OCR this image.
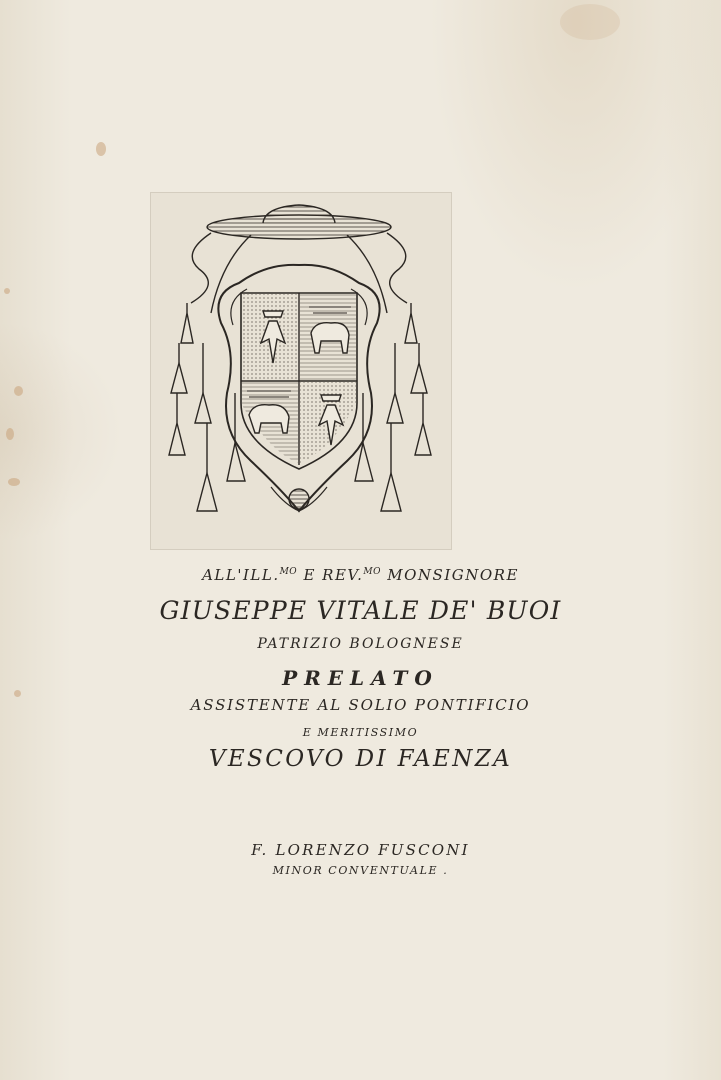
ALL'ILL.$^{MO}$ E REV.$^{MO}$ MONSIGNORE
GIUSEPPE VITALE DE' BUOI
PATRIZIO BOLOGNESE
PRELATO
ASSISTENTE AL SOLIO PONTIFICIO
E MERITISSIMO
VESCOVO DI FAENZA
F. LORENZO FUSCONI
MINOR CONVENTUALE .
